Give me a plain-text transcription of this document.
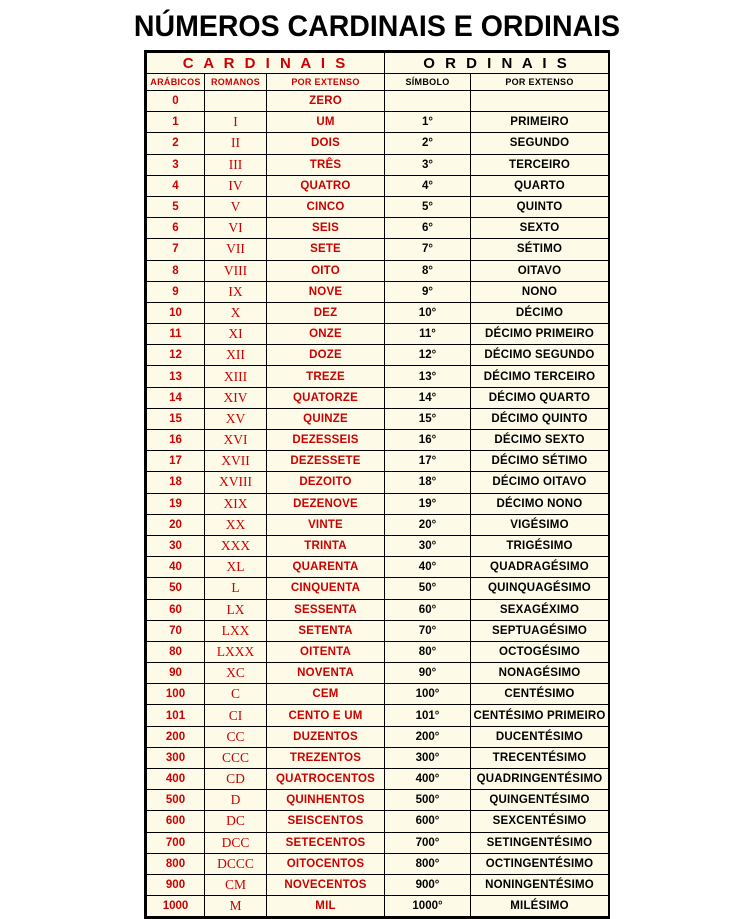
NÚMEROS CARDINAIS E ORDINAIS
C A R D I N A I S			O R D I N A I S	
ARÁBICOS	ROMANOS	POR EXTENSO	SÍMBOLO	POR EXTENSO
0		ZERO		
1	I	UM	1°	PRIMEIRO
2	II	DOIS	2°	SEGUNDO
3	III	TRÊS	3°	TERCEIRO
4	IV	QUATRO	4°	QUARTO
5	V	CINCO	5°	QUINTO
6	VI	SEIS	6°	SEXTO
7	VII	SETE	7°	SÉTIMO
8	VIII	OITO	8°	OITAVO
9	IX	NOVE	9°	NONO
10	X	DEZ	10°	DÉCIMO
11	XI	ONZE	11°	DÉCIMO PRIMEIRO
12	XII	DOZE	12°	DÉCIMO SEGUNDO
13	XIII	TREZE	13°	DÉCIMO TERCEIRO
14	XIV	QUATORZE	14°	DÉCIMO QUARTO
15	XV	QUINZE	15°	DÉCIMO QUINTO
16	XVI	DEZESSEIS	16°	DÉCIMO SEXTO
17	XVII	DEZESSETE	17°	DÉCIMO SÉTIMO
18	XVIII	DEZOITO	18°	DÉCIMO OITAVO
19	XIX	DEZENOVE	19°	DÉCIMO NONO
20	XX	VINTE	20°	VIGÉSIMO
30	XXX	TRINTA	30°	TRIGÉSIMO
40	XL	QUARENTA	40°	QUADRAGÉSIMO
50	L	CINQUENTA	50°	QUINQUAGÉSIMO
60	LX	SESSENTA	60°	SEXAGÉXIMO
70	LXX	SETENTA	70°	SEPTUAGÉSIMO
80	LXXX	OITENTA	80°	OCTOGÉSIMO
90	XC	NOVENTA	90°	NONAGÉSIMO
100	C	CEM	100°	CENTÉSIMO
101	CI	CENTO E UM	101°	CENTÉSIMO PRIMEIRO
200	CC	DUZENTOS	200°	DUCENTÉSIMO
300	CCC	TREZENTOS	300°	TRECENTÉSIMO
400	CD	QUATROCENTOS	400°	QUADRINGENTÉSIMO
500	D	QUINHENTOS	500°	QUINGENTÉSIMO
600	DC	SEISCENTOS	600°	SEXCENTÉSIMO
700	DCC	SETECENTOS	700°	SETINGENTÉSIMO
800	DCCC	OITOCENTOS	800°	OCTINGENTÉSIMO
900	CM	NOVECENTOS	900°	NONINGENTÉSIMO
1000	M	MIL	1000°	MILÉSIMO
